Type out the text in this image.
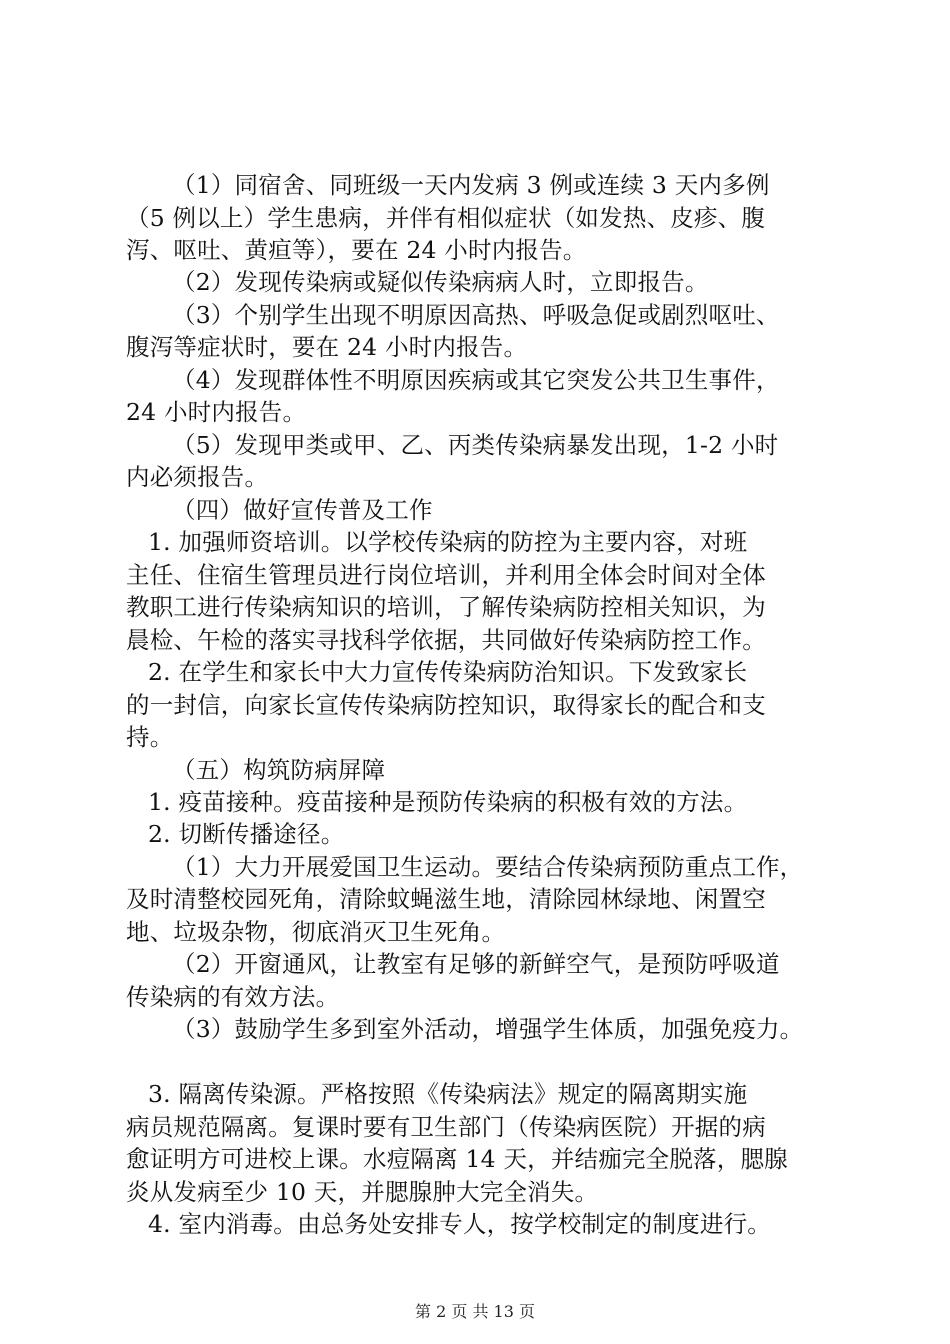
（1）同宿舍、同班级一天内发病 3 例或连续 3 天内多例
（5 例以上）学生患病，并伴有相似症状（如发热、皮疹、腹
泻、呕吐、黄疸等），要在 24 小时内报告。
（2）发现传染病或疑似传染病病人时，立即报告。
（3）个别学生出现不明原因高热、呼吸急促或剧烈呕吐、
腹泻等症状时，要在 24 小时内报告。
（4）发现群体性不明原因疾病或其它突发公共卫生事件，
24 小时内报告。
（5）发现甲类或甲、乙、丙类传染病暴发出现，1-2 小时
内必须报告。
（四）做好宣传普及工作
1. 加强师资培训。以学校传染病的防控为主要内容，对班
主任、住宿生管理员进行岗位培训，并利用全体会时间对全体
教职工进行传染病知识的培训，了解传染病防控相关知识，为
晨检、午检的落实寻找科学依据，共同做好传染病防控工作。
2. 在学生和家长中大力宣传传染病防治知识。下发致家长
的一封信，向家长宣传传染病防控知识，取得家长的配合和支
持。
（五）构筑防病屏障
1. 疫苗接种。疫苗接种是预防传染病的积极有效的方法。
2. 切断传播途径。
（1）大力开展爱国卫生运动。要结合传染病预防重点工作，
及时清整校园死角，清除蚊蝇滋生地，清除园林绿地、闲置空
地、垃圾杂物，彻底消灭卫生死角。
（2）开窗通风，让教室有足够的新鲜空气，是预防呼吸道
传染病的有效方法。
（3）鼓励学生多到室外活动，增强学生体质，加强免疫力。
3. 隔离传染源。严格按照《传染病法》规定的隔离期实施
病员规范隔离。复课时要有卫生部门（传染病医院）开据的病
愈证明方可进校上课。水痘隔离 14 天，并结痂完全脱落，腮腺
炎从发病至少 10 天，并腮腺肿大完全消失。
4. 室内消毒。由总务处安排专人，按学校制定的制度进行。
第 2 页 共 13 页
